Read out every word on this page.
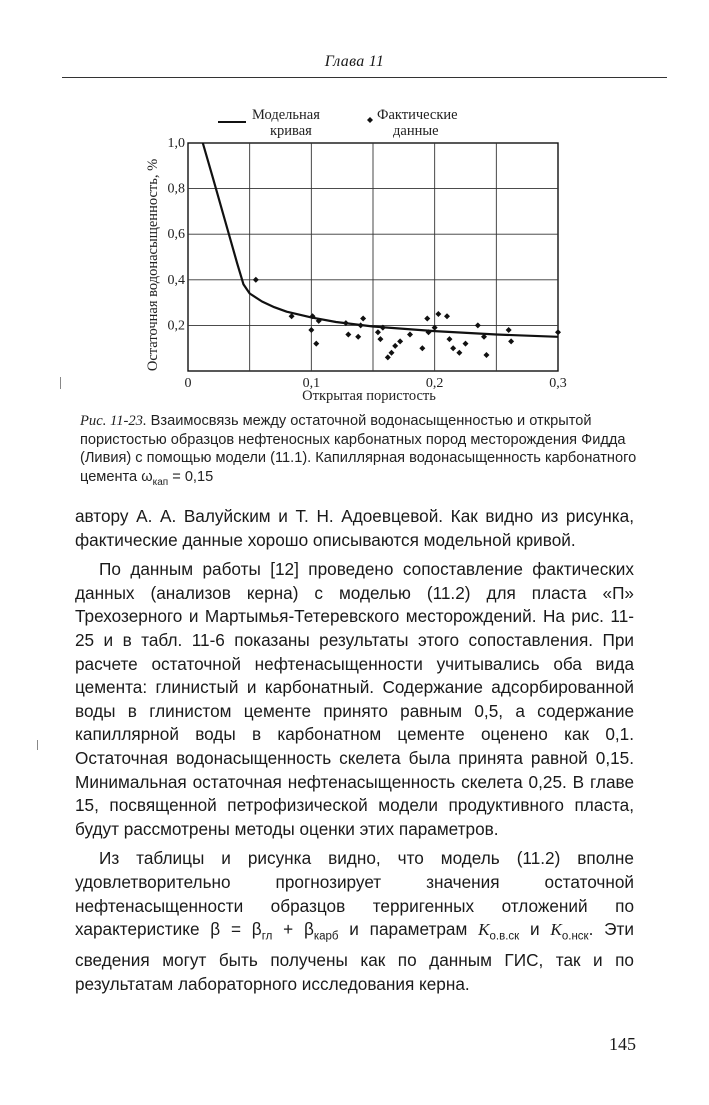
Глава 11
Модельная
кривая
Фактические
данные
0	0,1	0,2	0,3
0,2
0,4
0,6
0,8
1,0
Открытая пористость
Остаточная водонасыщенность, %
Рис. 11-23. Взаимосвязь между остаточной водонасыщенностью и открытой пористостью образцов нефтеносных карбонатных пород месторождения Фидда (Ливия) с помощью модели (11.1). Капиллярная водонасыщенность карбонатного цемента $\omega_{кап} = 0,15$

автору А. А. Валуйским и Т. Н. Адоевцевой. Как видно из рисунка, фактические данные хорошо описываются модельной кривой.

По данным работы [12] проведено сопоставление фактических данных (анализов керна) с моделью (11.2) для пласта «П» Трехозерного и Мартымья-Тетеревского месторождений. На рис. 11-25 и в табл. 11-6 показаны результаты этого сопоставления. При расчете остаточной нефтенасыщенности учитывались оба вида цемента: глинистый и карбонатный. Содержание адсорбированной воды в глинистом цементе принято равным 0,5, а содержание капиллярной воды в карбонатном цементе оценено как 0,1. Остаточная водонасыщенность скелета была принята равной 0,15. Минимальная остаточная нефтенасыщенность скелета 0,25. В главе 15, посвященной петрофизической модели продуктивного пласта, будут рассмотрены методы оценки этих параметров.

Из таблицы и рисунка видно, что модель (11.2) вполне удовлетворительно прогнозирует значения остаточной нефтенасыщенности образцов терригенных отложений по характеристике $\beta = \beta_{гл} + \beta_{карб}$ и параметрам $K_{о.в.ск}$ и $K_{о.нск}$. Эти сведения могут быть получены как по данным ГИС, так и по результатам лабораторного исследования керна.

145
